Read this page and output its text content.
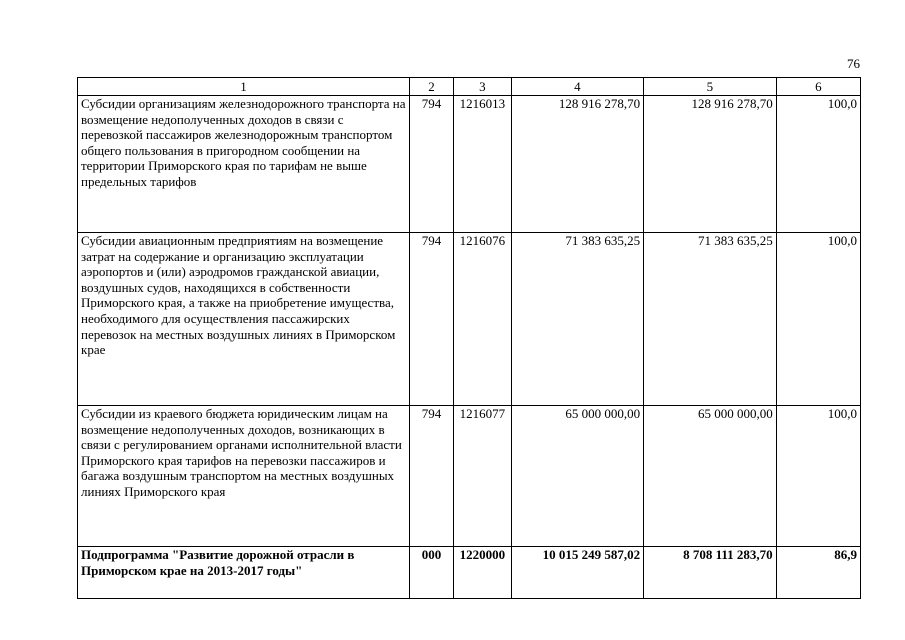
76
1	2	3	4	5	6
Субсидии организациям железнодорожного транспорта на возмещение недополученных доходов в связи с перевозкой пассажиров железнодорожным транспортом общего пользования в пригородном сообщении на территории Приморского края по тарифам не выше предельных тарифов	794	1216013	128 916 278,70	128 916 278,70	100,0
Субсидии авиационным предприятиям на возмещение затрат на содержание и организацию эксплуатации аэропортов и (или) аэродромов гражданской авиации, воздушных судов, находящихся в собственности Приморского края, а также на приобретение имущества, необходимого для осуществления пассажирских перевозок на местных воздушных линиях в Приморском крае	794	1216076	71 383 635,25	71 383 635,25	100,0
Субсидии из краевого бюджета юридическим лицам на возмещение недополученных доходов, возникающих в связи с регулированием органами исполнительной власти Приморского края тарифов на перевозки пассажиров и багажа воздушным транспортом на местных воздушных линиях Приморского края	794	1216077	65 000 000,00	65 000 000,00	100,0
Подпрограмма "Развитие дорожной отрасли в Приморском крае на 2013-2017 годы"	000	1220000	10 015 249 587,02	8 708 111 283,70	86,9
